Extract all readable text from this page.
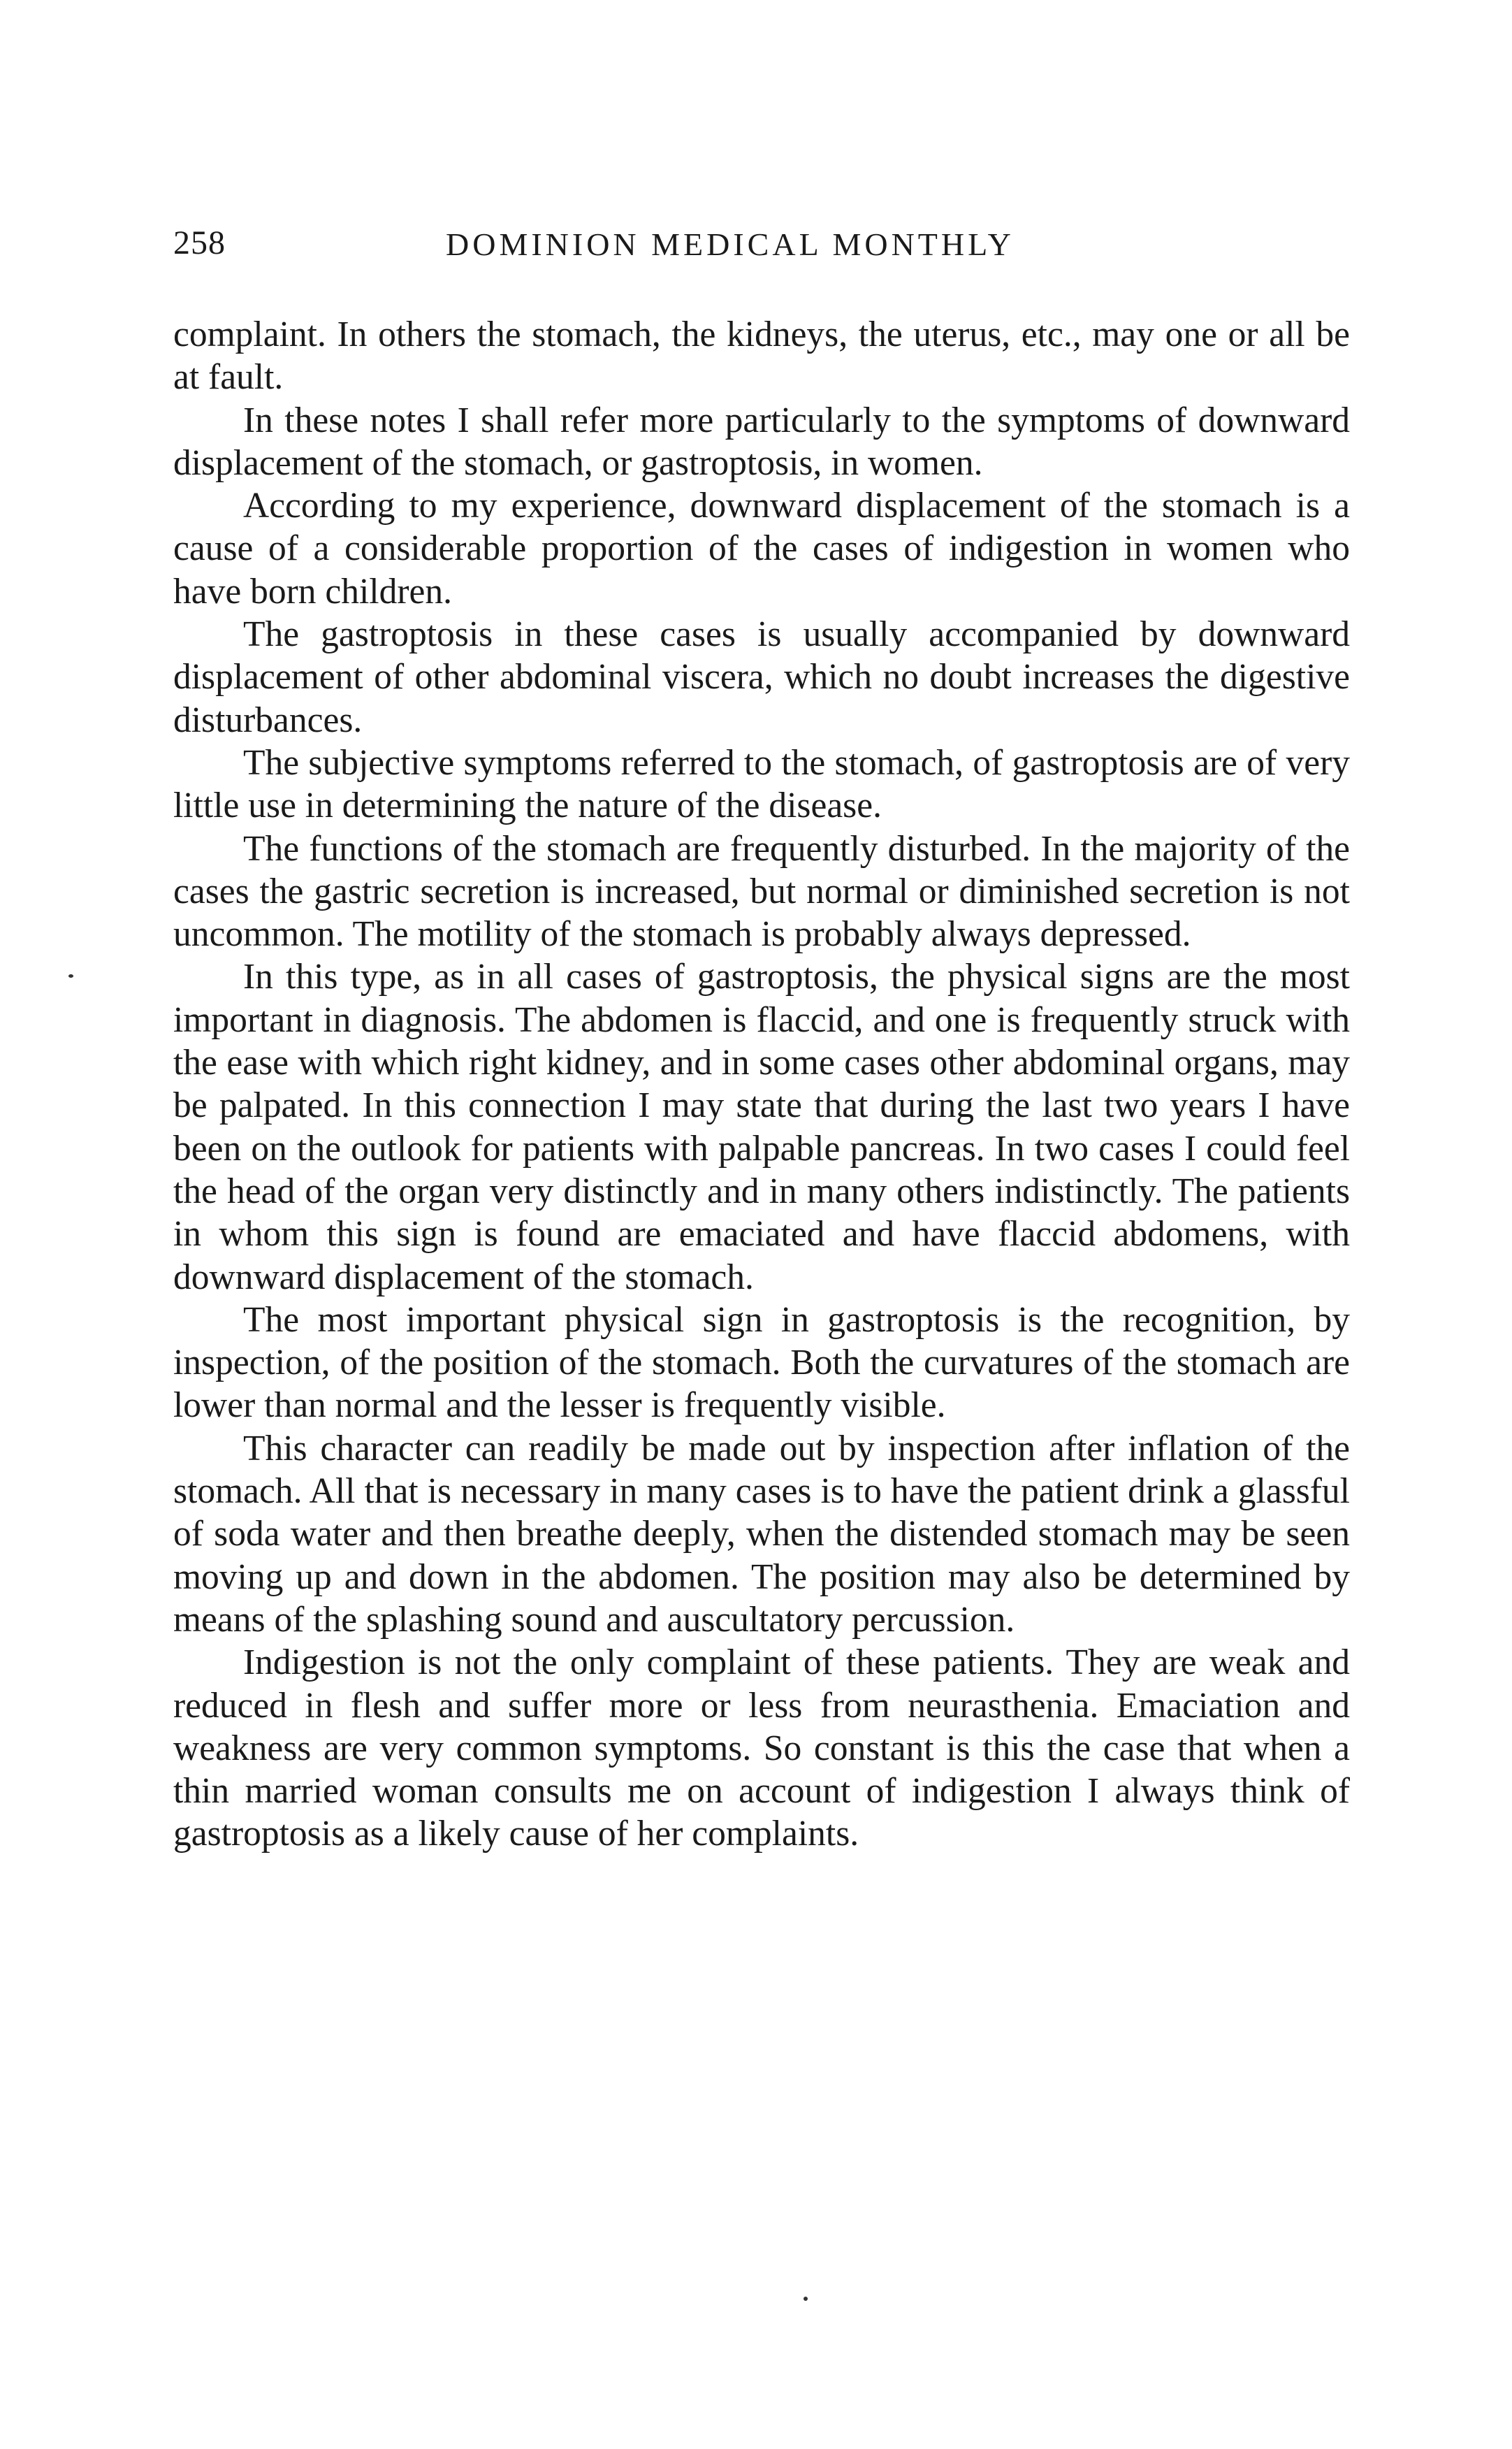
258	DOMINION MEDICAL MONTHLY

complaint. In others the stomach, the kidneys, the uterus, etc., may one or all be at fault.

In these notes I shall refer more particularly to the symptoms of downward displacement of the stomach, or gastroptosis, in women.

According to my experience, downward displacement of the stomach is a cause of a considerable proportion of the cases of indigestion in women who have born children.

The gastroptosis in these cases is usually accompanied by downward displacement of other abdominal viscera, which no doubt increases the digestive disturbances.

The subjective symptoms referred to the stomach, of gastroptosis are of very little use in determining the nature of the disease.

The functions of the stomach are frequently disturbed. In the majority of the cases the gastric secretion is increased, but normal or diminished secretion is not uncommon. The motility of the stomach is probably always depressed.

In this type, as in all cases of gastroptosis, the physical signs are the most important in diagnosis. The abdomen is flaccid, and one is frequently struck with the ease with which right kidney, and in some cases other abdominal organs, may be palpated. In this connection I may state that during the last two years I have been on the outlook for patients with palpable pancreas. In two cases I could feel the head of the organ very distinctly and in many others indistinctly. The patients in whom this sign is found are emaciated and have flaccid abdomens, with downward displacement of the stomach.

The most important physical sign in gastroptosis is the recognition, by inspection, of the position of the stomach. Both the curvatures of the stomach are lower than normal and the lesser is frequently visible.

This character can readily be made out by inspection after inflation of the stomach. All that is necessary in many cases is to have the patient drink a glassful of soda water and then breathe deeply, when the distended stomach may be seen moving up and down in the abdomen. The position may also be determined by means of the splashing sound and auscultatory percussion.

Indigestion is not the only complaint of these patients. They are weak and reduced in flesh and suffer more or less from neurasthenia. Emaciation and weakness are very common symptoms. So constant is this the case that when a thin married woman consults me on account of indigestion I always think of gastroptosis as a likely cause of her complaints.
